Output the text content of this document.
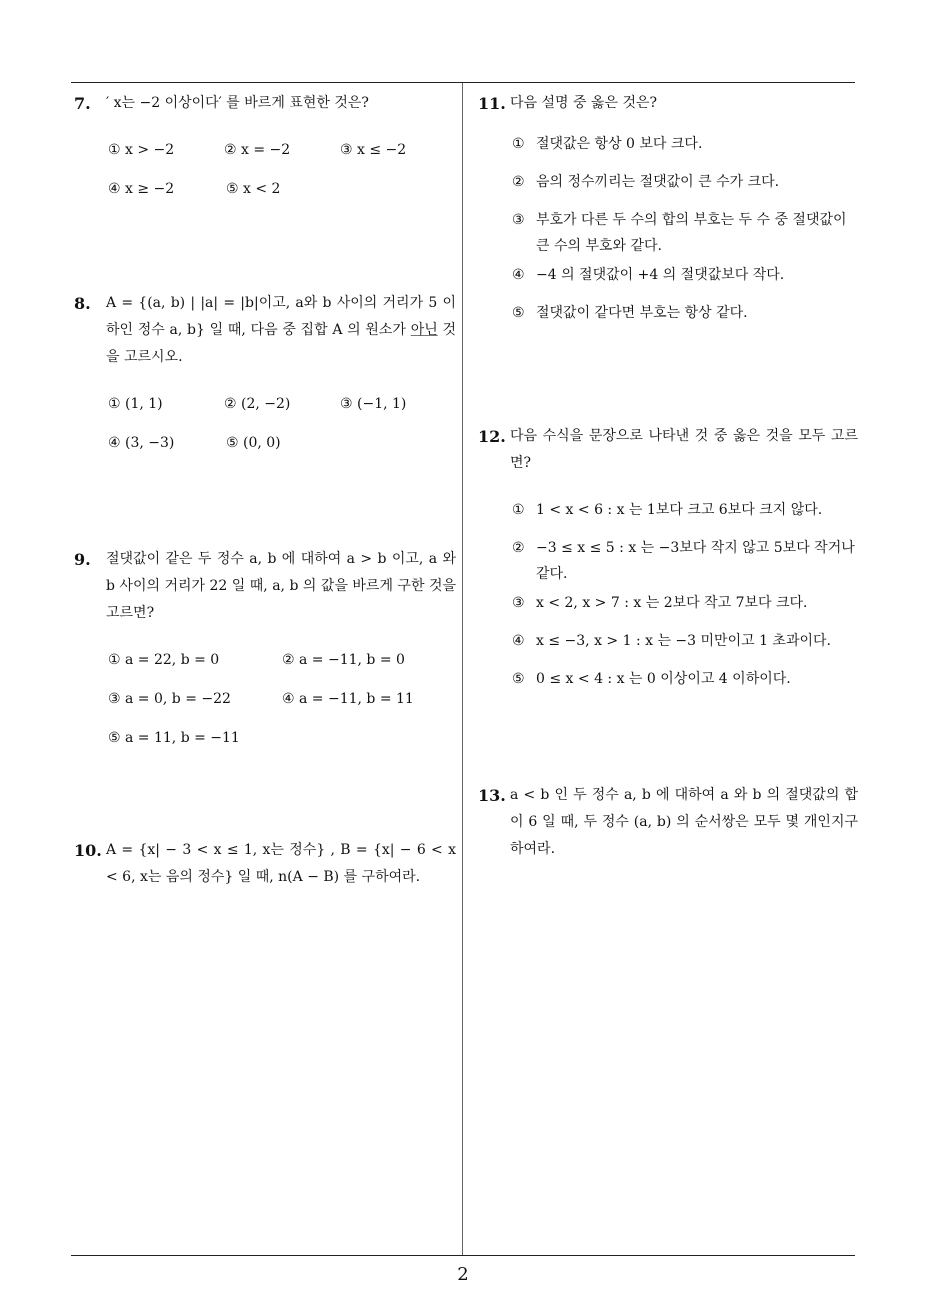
7.	′ x는 −2 이상이다′ 를 바르게 표현한 것은?
① x > −2	② x = −2	③ x ≤ −2
④ x ≥ −2	⑤ x < 2
8.	A = {(a, b) | |a| = |b|이고, a와 b 사이의 거리가 5 이하인 정수 a, b} 일 때, 다음 중 집합 A 의 원소가 아닌 것을 고르시오.
① (1, 1)	② (2, −2)	③ (−1, 1)
④ (3, −3)	⑤ (0, 0)
9.	절댓값이 같은 두 정수 a, b 에 대하여 a > b 이고, a 와 b 사이의 거리가 22 일 때, a, b 의 값을 바르게 구한 것을 고르면?
① a = 22, b = 0	② a = −11, b = 0
③ a = 0, b = −22	④ a = −11, b = 11
⑤ a = 11, b = −11
10. A = {x| − 3 < x ≤ 1, x는 정수} , B = {x| − 6 < x < 6, x는 음의 정수} 일 때, n(A − B) 를 구하여라.
11. 다음 설명 중 옳은 것은?
① 절댓값은 항상 0 보다 크다.
② 음의 정수끼리는 절댓값이 큰 수가 크다.
③ 부호가 다른 두 수의 합의 부호는 두 수 중 절댓값이 큰 수의 부호와 같다.
④ −4 의 절댓값이 +4 의 절댓값보다 작다.
⑤ 절댓값이 같다면 부호는 항상 같다.
12. 다음 수식을 문장으로 나타낸 것 중 옳은 것을 모두 고르면?
① 1 < x < 6 : x 는 1보다 크고 6보다 크지 않다.
② −3 ≤ x ≤ 5 : x 는 −3보다 작지 않고 5보다 작거나 같다.
③ x < 2, x > 7 : x 는 2보다 작고 7보다 크다.
④ x ≤ −3, x > 1 : x 는 −3 미만이고 1 초과이다.
⑤ 0 ≤ x < 4 : x 는 0 이상이고 4 이하이다.
13. a < b 인 두 정수 a, b 에 대하여 a 와 b 의 절댓값의 합이 6 일 때, 두 정수 (a, b) 의 순서쌍은 모두 몇 개인지구하여라.
2
